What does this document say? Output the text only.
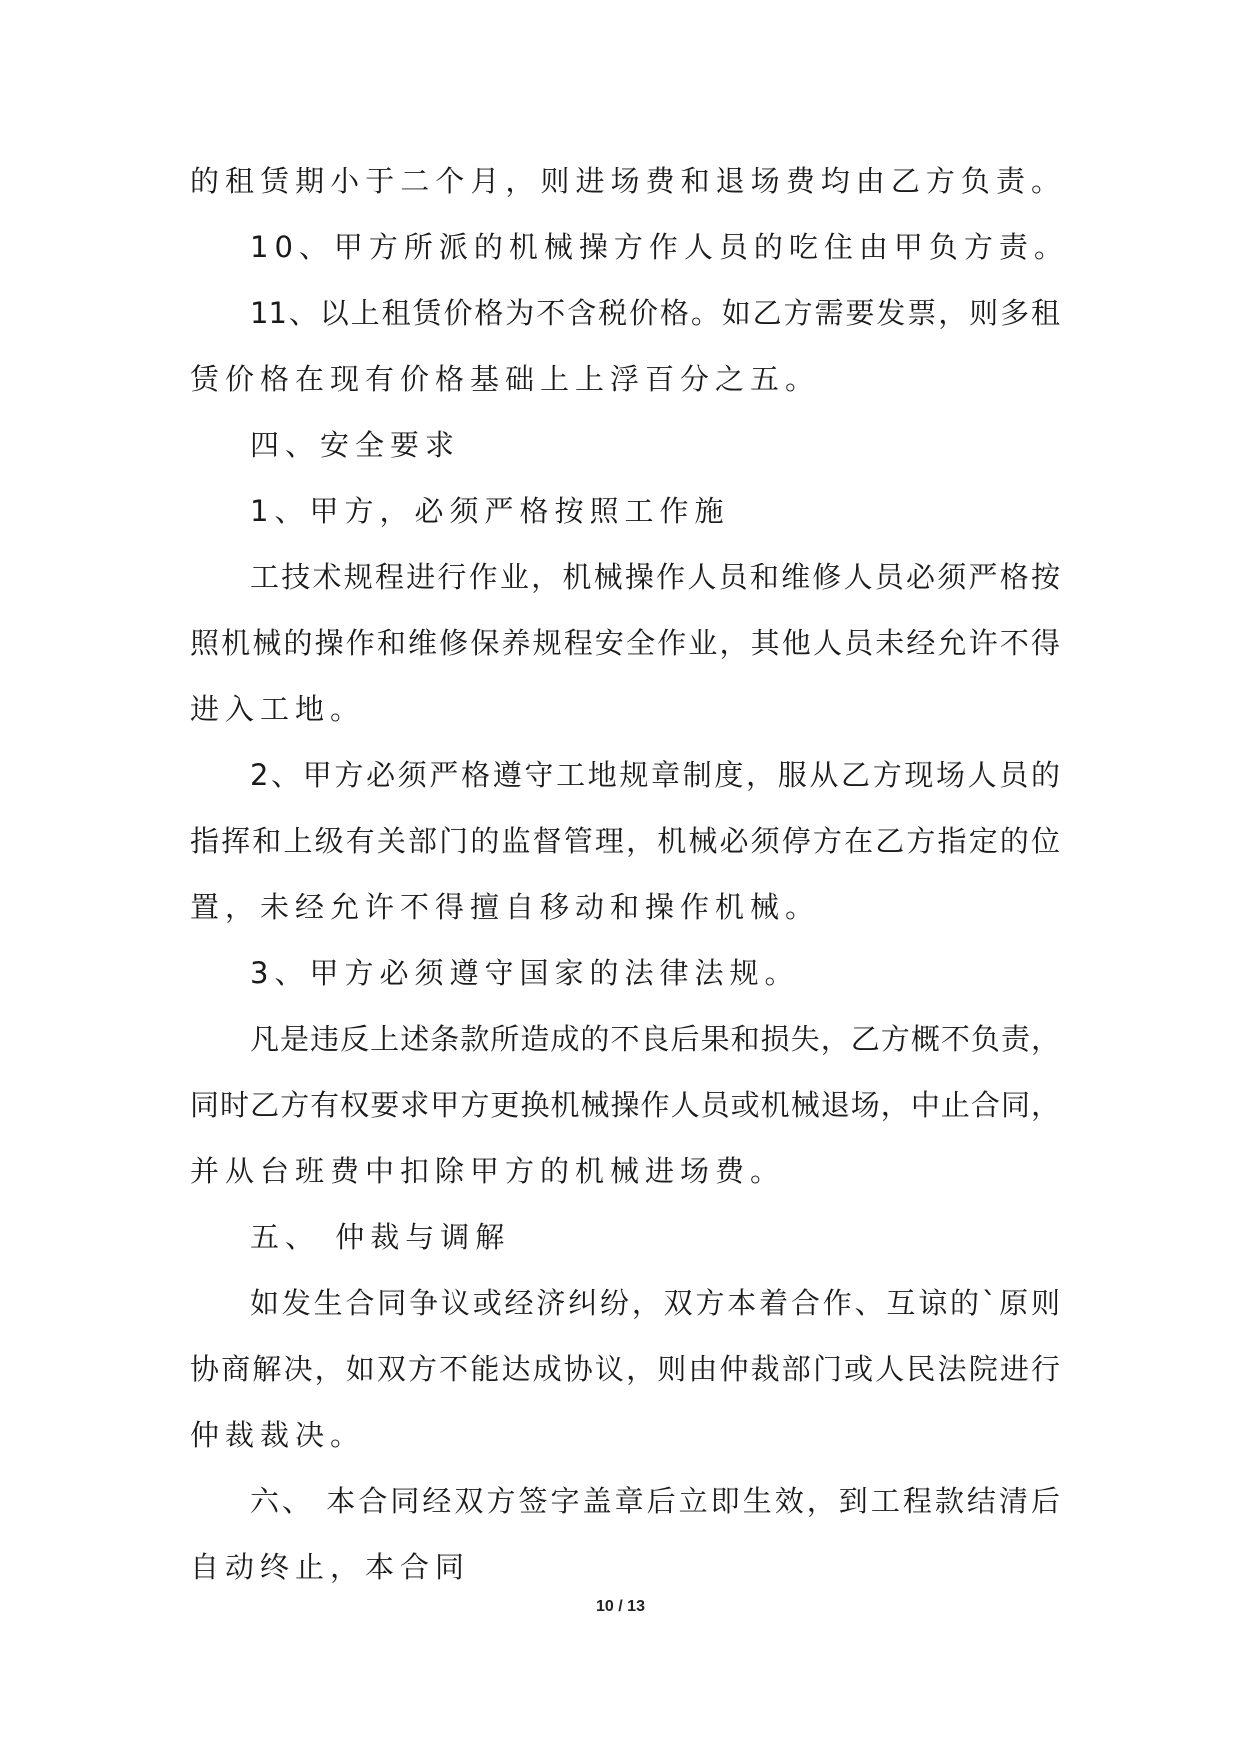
的租赁期小于二个月，则进场费和退场费均由乙方负责。

10、甲方所派的机械操方作人员的吃住由甲负方责。

11、以上租赁价格为不含税价格。如乙方需要发票，则多租

赁价格在现有价格基础上上浮百分之五。

四、安全要求

1、甲方，必须严格按照工作施

工技术规程进行作业，机械操作人员和维修人员必须严格按

照机械的操作和维修保养规程安全作业，其他人员未经允许不得

进入工地。

2、甲方必须严格遵守工地规章制度，服从乙方现场人员的

指挥和上级有关部门的监督管理，机械必须停方在乙方指定的位

置，未经允许不得擅自移动和操作机械。

3、甲方必须遵守国家的法律法规。

凡是违反上述条款所造成的不良后果和损失，乙方概不负责，

同时乙方有权要求甲方更换机械操作人员或机械退场，中止合同，

并从台班费中扣除甲方的机械进场费。

五、 仲裁与调解

如发生合同争议或经济纠纷，双方本着合作、互谅的`原则

协商解决，如双方不能达成协议，则由仲裁部门或人民法院进行

仲裁裁决。

六、 本合同经双方签字盖章后立即生效，到工程款结清后

自动终止，本合同

10 / 13
